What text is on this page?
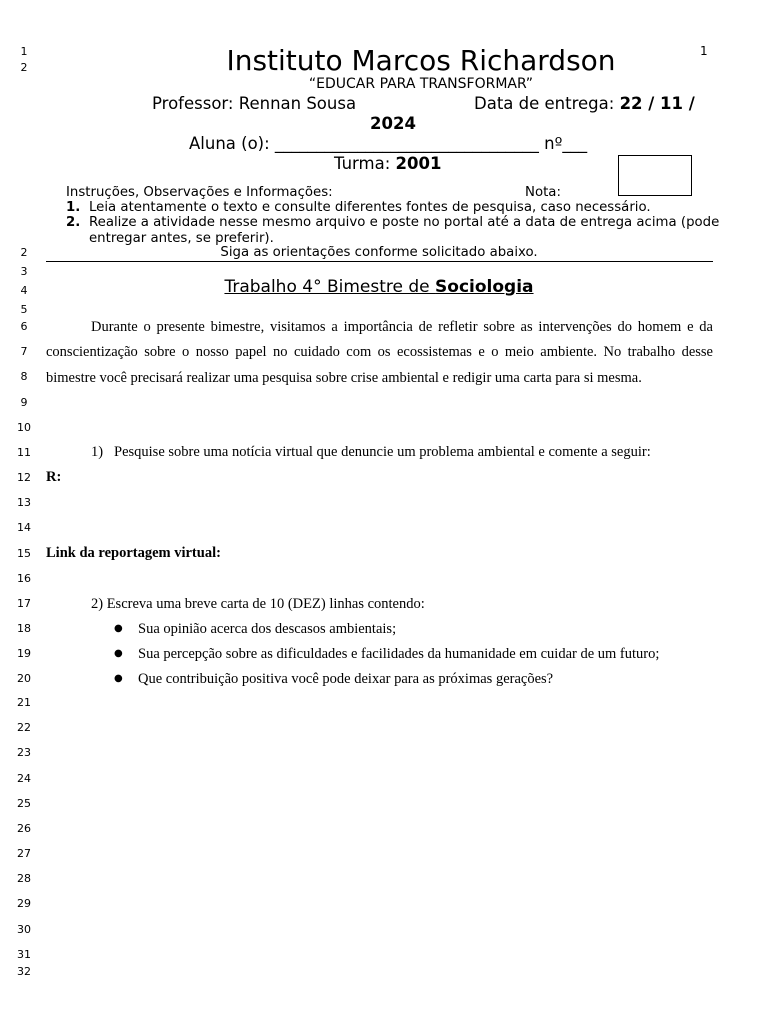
1
1
2
2
3
4
5
6
7
8
9
10
11
12
13
14
15
16
17
18
19
20
21
22
23
24
25
26
27
28
29
30
31
32
Instituto Marcos Richardson
“EDUCAR PARA TRANSFORMAR”
Professor: Rennan Sousa	Data de entrega: 22 / 11 /
2024
Aluna (o): ________________________________ nº___
Turma: 2001
Instruções, Observações e Informações:	Nota:
1. Leia atentamente o texto e consulte diferentes fontes de pesquisa, caso necessário.
2. Realize a atividade nesse mesmo arquivo e poste no portal até a data de entrega acima (pode
entregar antes, se preferir).
Siga as orientações conforme solicitado abaixo.
Trabalho 4° Bimestre de Sociologia
Durante o presente bimestre, visitamos a importância de refletir sobre as intervenções do homem e da conscientização sobre o nosso papel no cuidado com os ecossistemas e o meio ambiente. No trabalho desse bimestre você precisará realizar uma pesquisa sobre crise ambiental e redigir uma carta para si mesma.
1) Pesquise sobre uma notícia virtual que denuncie um problema ambiental e comente a seguir:
R:
Link da reportagem virtual:
2) Escreva uma breve carta de 10 (DEZ) linhas contendo:
● Sua opinião acerca dos descasos ambientais;
● Sua percepção sobre as dificuldades e facilidades da humanidade em cuidar de um futuro;
● Que contribuição positiva você pode deixar para as próximas gerações?
